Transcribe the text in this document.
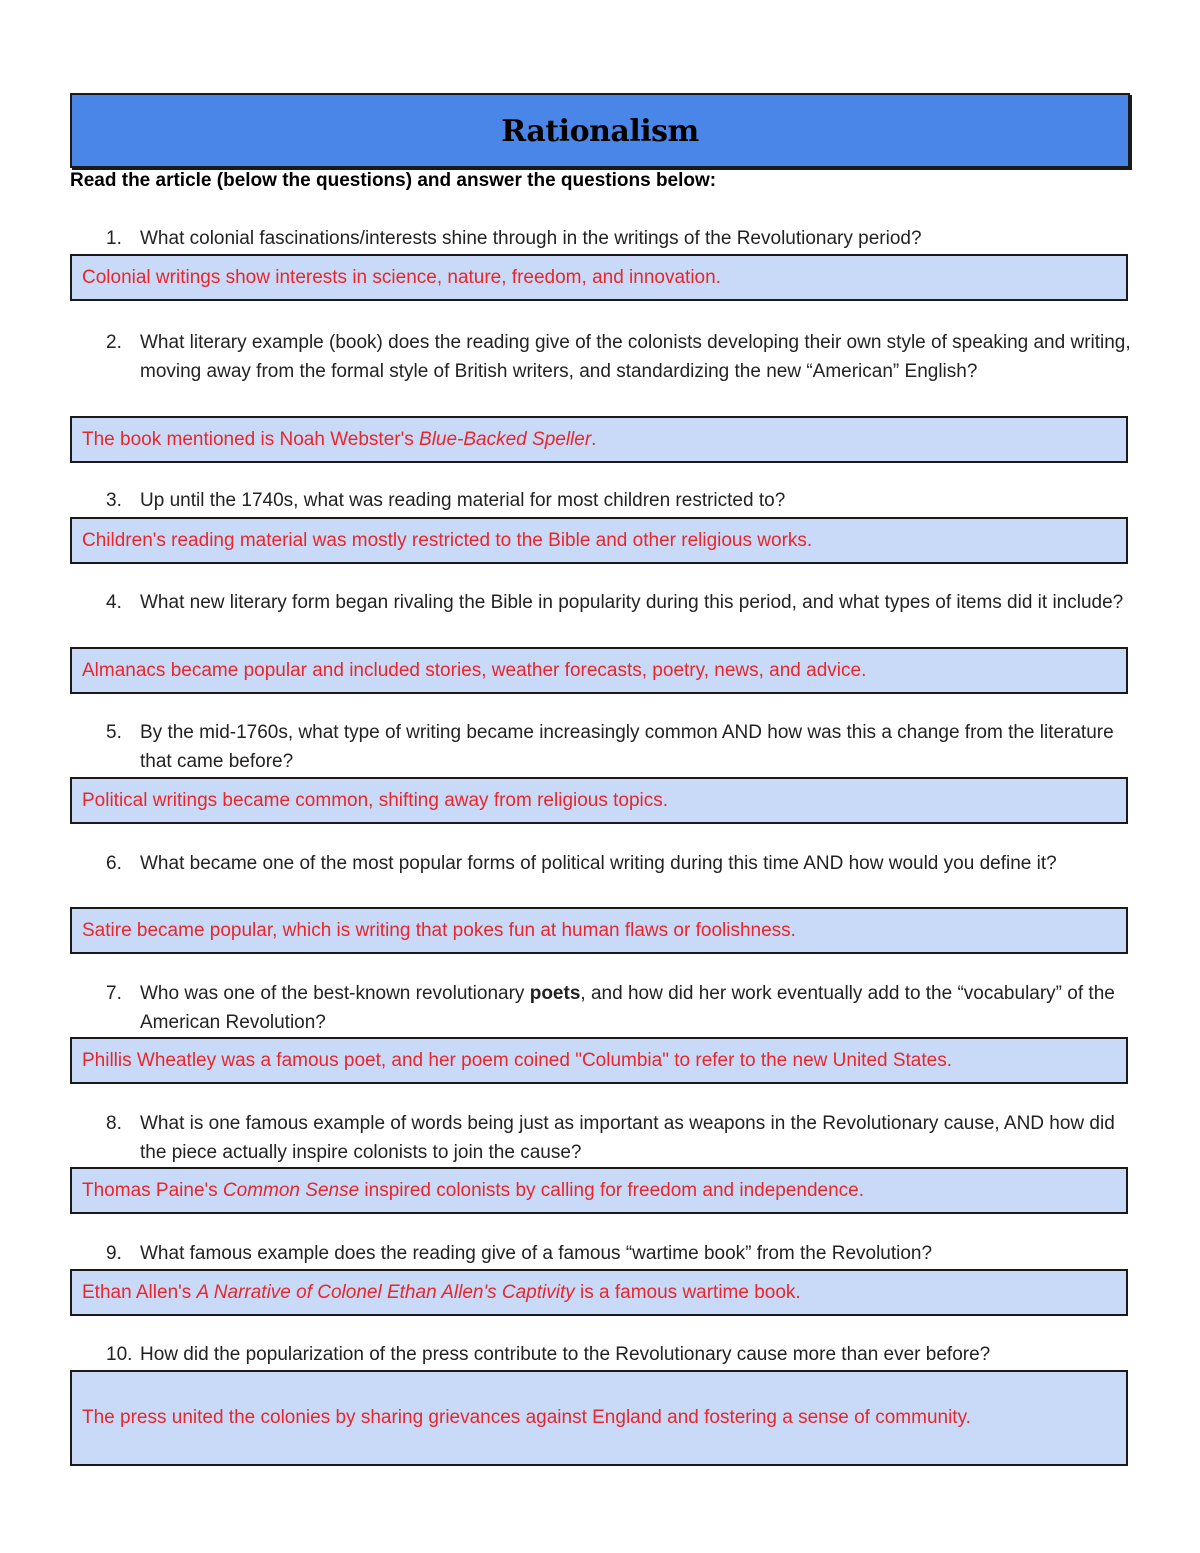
Rationalism
Read the article (below the questions) and answer the questions below:
1. What colonial fascinations/interests shine through in the writings of the Revolutionary period?
Colonial writings show interests in science, nature, freedom, and innovation.
2. What literary example (book) does the reading give of the colonists developing their own style of speaking and writing, moving away from the formal style of British writers, and standardizing the new “American” English?
The book mentioned is Noah Webster's Blue-Backed Speller.
3. Up until the 1740s, what was reading material for most children restricted to?
Children's reading material was mostly restricted to the Bible and other religious works.
4. What new literary form began rivaling the Bible in popularity during this period, and what types of items did it include?
Almanacs became popular and included stories, weather forecasts, poetry, news, and advice.
5. By the mid-1760s, what type of writing became increasingly common AND how was this a change from the literature that came before?
Political writings became common, shifting away from religious topics.
6. What became one of the most popular forms of political writing during this time AND how would you define it?
Satire became popular, which is writing that pokes fun at human flaws or foolishness.
7. Who was one of the best-known revolutionary poets, and how did her work eventually add to the “vocabulary” of the American Revolution?
Phillis Wheatley was a famous poet, and her poem coined "Columbia" to refer to the new United States.
8. What is one famous example of words being just as important as weapons in the Revolutionary cause, AND how did the piece actually inspire colonists to join the cause?
Thomas Paine's Common Sense inspired colonists by calling for freedom and independence.
9. What famous example does the reading give of a famous “wartime book” from the Revolution?
Ethan Allen's A Narrative of Colonel Ethan Allen's Captivity is a famous wartime book.
10. How did the popularization of the press contribute to the Revolutionary cause more than ever before?
The press united the colonies by sharing grievances against England and fostering a sense of community.
